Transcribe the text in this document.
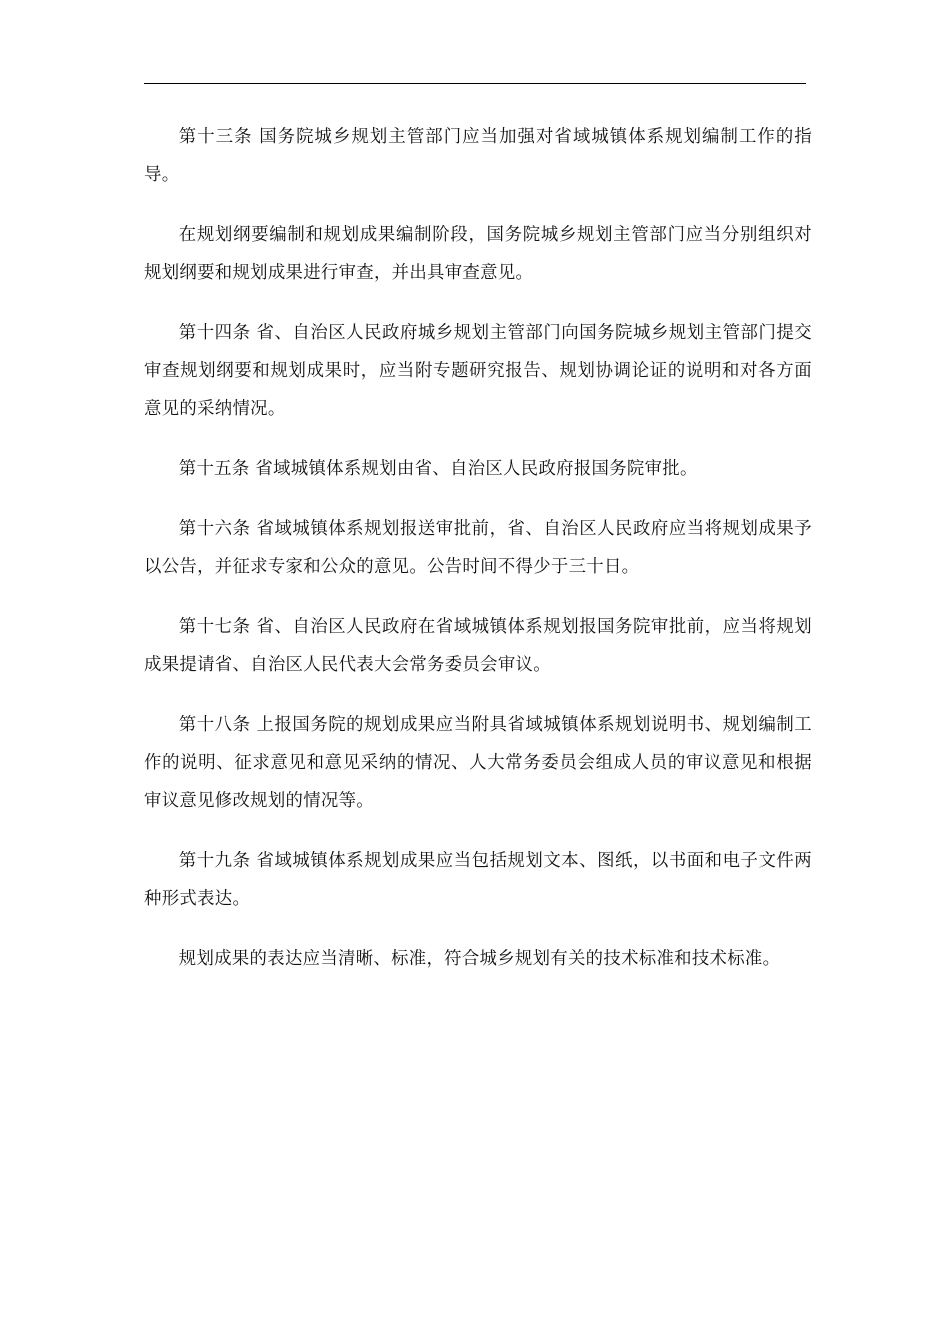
第十三条 国务院城乡规划主管部门应当加强对省域城镇体系规划编制工作的指导。

在规划纲要编制和规划成果编制阶段，国务院城乡规划主管部门应当分别组织对规划纲要和规划成果进行审查，并出具审查意见。

第十四条 省、自治区人民政府城乡规划主管部门向国务院城乡规划主管部门提交审查规划纲要和规划成果时，应当附专题研究报告、规划协调论证的说明和对各方面意见的采纳情况。

第十五条 省域城镇体系规划由省、自治区人民政府报国务院审批。

第十六条 省域城镇体系规划报送审批前，省、自治区人民政府应当将规划成果予以公告，并征求专家和公众的意见。公告时间不得少于三十日。

第十七条 省、自治区人民政府在省域城镇体系规划报国务院审批前，应当将规划成果提请省、自治区人民代表大会常务委员会审议。

第十八条 上报国务院的规划成果应当附具省域城镇体系规划说明书、规划编制工作的说明、征求意见和意见采纳的情况、人大常务委员会组成人员的审议意见和根据审议意见修改规划的情况等。

第十九条 省域城镇体系规划成果应当包括规划文本、图纸，以书面和电子文件两种形式表达。

规划成果的表达应当清晰、标准，符合城乡规划有关的技术标准和技术标准。
